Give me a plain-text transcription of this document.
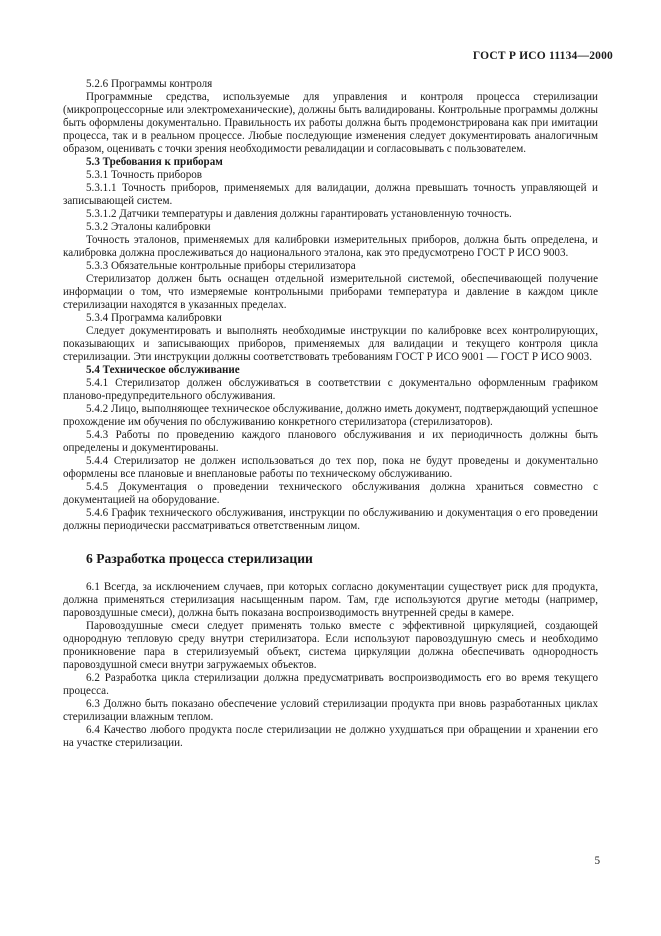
ГОСТ Р ИСО 11134—2000

5.2.6 Программы контроля

Программные средства, используемые для управления и контроля процесса стерилизации (микропроцессорные или электромеханические), должны быть валидированы. Контрольные программы должны быть оформлены документально. Правильность их работы должна быть продемонстрирована как при имитации процесса, так и в реальном процессе. Любые последующие изменения следует документировать аналогичным образом, оценивать с точки зрения необходимости ревалидации и согласовывать с пользователем.

5.3 Требования к приборам

5.3.1 Точность приборов

5.3.1.1 Точность приборов, применяемых для валидации, должна превышать точность управляющей и записывающей систем.

5.3.1.2 Датчики температуры и давления должны гарантировать установленную точность.

5.3.2 Эталоны калибровки

Точность эталонов, применяемых для калибровки измерительных приборов, должна быть определена, и калибровка должна прослеживаться до национального эталона, как это предусмотрено ГОСТ Р ИСО 9003.

5.3.3 Обязательные контрольные приборы стерилизатора

Стерилизатор должен быть оснащен отдельной измерительной системой, обеспечивающей получение информации о том, что измеряемые контрольными приборами температура и давление в каждом цикле стерилизации находятся в указанных пределах.

5.3.4 Программа калибровки

Следует документировать и выполнять необходимые инструкции по калибровке всех контролирующих, показывающих и записывающих приборов, применяемых для валидации и текущего контроля цикла стерилизации. Эти инструкции должны соответствовать требованиям ГОСТ Р ИСО 9001 — ГОСТ Р ИСО 9003.

5.4 Техническое обслуживание

5.4.1 Стерилизатор должен обслуживаться в соответствии с документально оформленным графиком планово-предупредительного обслуживания.

5.4.2 Лицо, выполняющее техническое обслуживание, должно иметь документ, подтверждающий успешное прохождение им обучения по обслуживанию конкретного стерилизатора (стерилизаторов).

5.4.3 Работы по проведению каждого планового обслуживания и их периодичность должны быть определены и документированы.

5.4.4 Стерилизатор не должен использоваться до тех пор, пока не будут проведены и документально оформлены все плановые и внеплановые работы по техническому обслуживанию.

5.4.5 Документация о проведении технического обслуживания должна храниться совместно с документацией на оборудование.

5.4.6 График технического обслуживания, инструкции по обслуживанию и документация о его проведении должны периодически рассматриваться ответственным лицом.

6 Разработка процесса стерилизации

6.1 Всегда, за исключением случаев, при которых согласно документации существует риск для продукта, должна применяться стерилизация насыщенным паром. Там, где используются другие методы (например, паровоздушные смеси), должна быть показана воспроизводимость внутренней среды в камере.

Паровоздушные смеси следует применять только вместе с эффективной циркуляцией, создающей однородную тепловую среду внутри стерилизатора. Если используют паровоздушную смесь и необходимо проникновение пара в стерилизуемый объект, система циркуляции должна обеспечивать однородность паровоздушной смеси внутри загружаемых объектов.

6.2 Разработка цикла стерилизации должна предусматривать воспроизводимость его во время текущего процесса.

6.3 Должно быть показано обеспечение условий стерилизации продукта при вновь разработанных циклах стерилизации влажным теплом.

6.4 Качество любого продукта после стерилизации не должно ухудшаться при обращении и хранении его на участке стерилизации.

5
